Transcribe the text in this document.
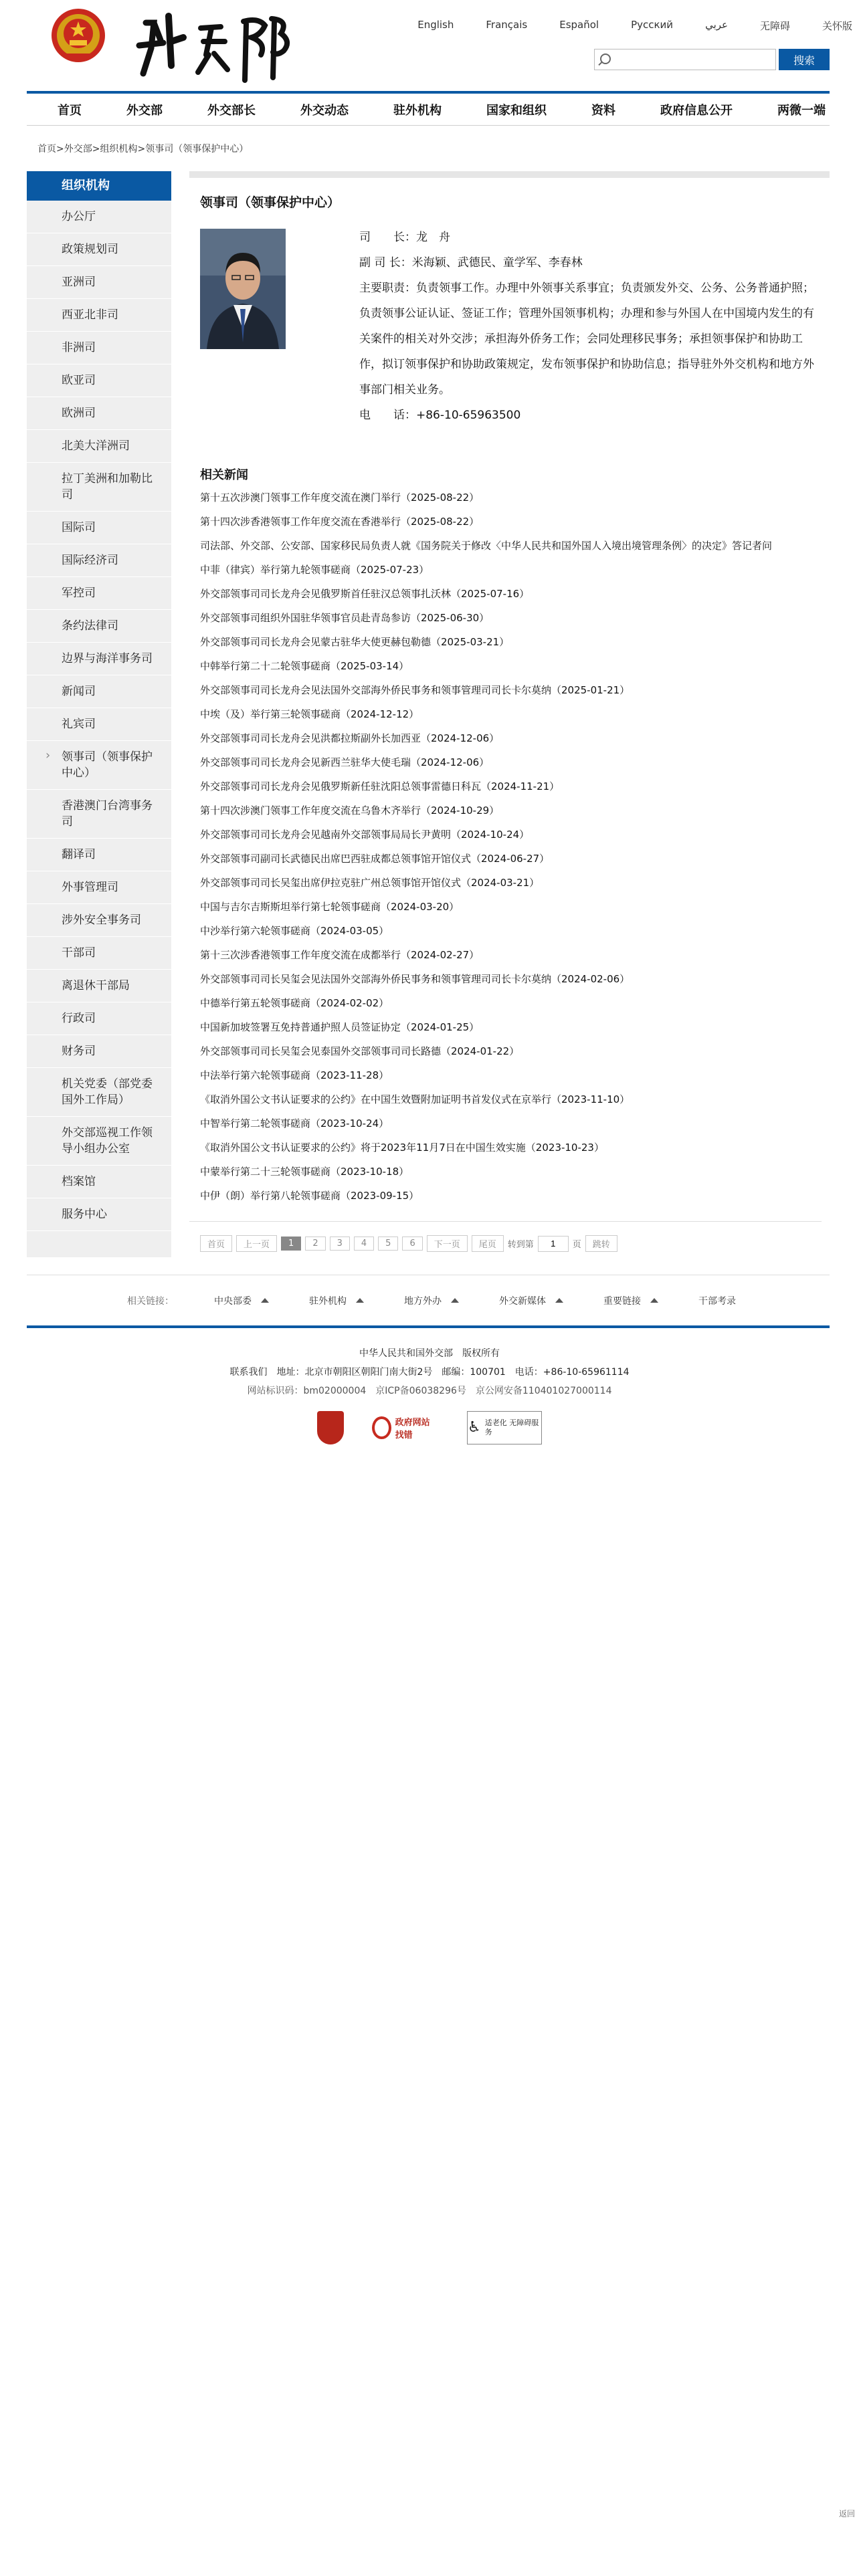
English	Français	Español	Русский	عربي	无障碍	关怀版
搜索
首页	外交部	外交部长	外交动态	驻外机构	国家和组织	资料	政府信息公开	两微一端
首页>外交部>组织机构>领事司（领事保护中心）
组织机构
办公厅
政策规划司
亚洲司
西亚北非司
非洲司
欧亚司
欧洲司
北美大洋洲司
拉丁美洲和加勒比司
国际司
国际经济司
军控司
条约法律司
边界与海洋事务司
新闻司
礼宾司
› 领事司（领事保护中心）
香港澳门台湾事务司
翻译司
外事管理司
涉外安全事务司
干部司
离退休干部局
行政司
财务司
机关党委（部党委国外工作局）
外交部巡视工作领导小组办公室
档案馆
服务中心
领事司（领事保护中心）

司　　长：龙　舟

副 司 长：米海颖、武德民、童学军、李春林

主要职责：负责领事工作。办理中外领事关系事宜；负责颁发外交、公务、公务普通护照；负责领事公证认证、签证工作；管理外国领事机构；办理和参与外国人在中国境内发生的有关案件的相关对外交涉；承担海外侨务工作；会同处理移民事务；承担领事保护和协助工作，拟订领事保护和协助政策规定，发布领事保护和协助信息；指导驻外外交机构和地方外事部门相关业务。

电　　话：+86-10-65963500

相关新闻
第十五次涉澳门领事工作年度交流在澳门举行（2025-08-22）
第十四次涉香港领事工作年度交流在香港举行（2025-08-22）
司法部、外交部、公安部、国家移民局负责人就《国务院关于修改〈中华人民共和国外国人入境出境管理条例〉的决定》答记者问
中菲（律宾）举行第九轮领事磋商（2025-07-23）
外交部领事司司长龙舟会见俄罗斯首任驻汉总领事扎沃林（2025-07-16）
外交部领事司组织外国驻华领事官员赴青岛参访（2025-06-30）
外交部领事司司长龙舟会见蒙古驻华大使更赫包勒德（2025-03-21）
中韩举行第二十二轮领事磋商（2025-03-14）
外交部领事司司长龙舟会见法国外交部海外侨民事务和领事管理司司长卡尔莫纳（2025-01-21）
中埃（及）举行第三轮领事磋商（2024-12-12）
外交部领事司司长龙舟会见洪都拉斯副外长加西亚（2024-12-06）
外交部领事司司长龙舟会见新西兰驻华大使毛瑞（2024-12-06）
外交部领事司司长龙舟会见俄罗斯新任驻沈阳总领事雷德日科瓦（2024-11-21）
第十四次涉澳门领事工作年度交流在乌鲁木齐举行（2024-10-29）
外交部领事司司长龙舟会见越南外交部领事局局长尹黄明（2024-10-24）
外交部领事司副司长武德民出席巴西驻成都总领事馆开馆仪式（2024-06-27）
外交部领事司司长吴玺出席伊拉克驻广州总领事馆开馆仪式（2024-03-21）
中国与吉尔吉斯斯坦举行第七轮领事磋商（2024-03-20）
中沙举行第六轮领事磋商（2024-03-05）
第十三次涉香港领事工作年度交流在成都举行（2024-02-27）
外交部领事司司长吴玺会见法国外交部海外侨民事务和领事管理司司长卡尔莫纳（2024-02-06）
中德举行第五轮领事磋商（2024-02-02）
中国新加坡签署互免持普通护照人员签证协定（2024-01-25）
外交部领事司司长吴玺会见泰国外交部领事司司长路德（2024-01-22）
中法举行第六轮领事磋商（2023-11-28）
《取消外国公文书认证要求的公约》在中国生效暨附加证明书首发仪式在京举行（2023-11-10）
中智举行第二轮领事磋商（2023-10-24）
《取消外国公文书认证要求的公约》将于2023年11月7日在中国生效实施（2023-10-23）
中蒙举行第二十三轮领事磋商（2023-10-18）
中伊（朗）举行第八轮领事磋商（2023-09-15）
首页	上一页	1	2	3	4	5	6	下一页	尾页	转到第
1	页	跳转
相关链接：	中央部委	驻外机构	地方外办	外交新媒体	重要链接	干部考录
中华人民共和国外交部　版权所有
联系我们　地址：北京市朝阳区朝阳门南大街2号　邮编：100701　电话：+86-10-65961114
网站标识码：bm02000004　京ICP备06038296号　京公网安备110401027000114
政府网站 找错	♿ 适老化 无障碍服务
返回
